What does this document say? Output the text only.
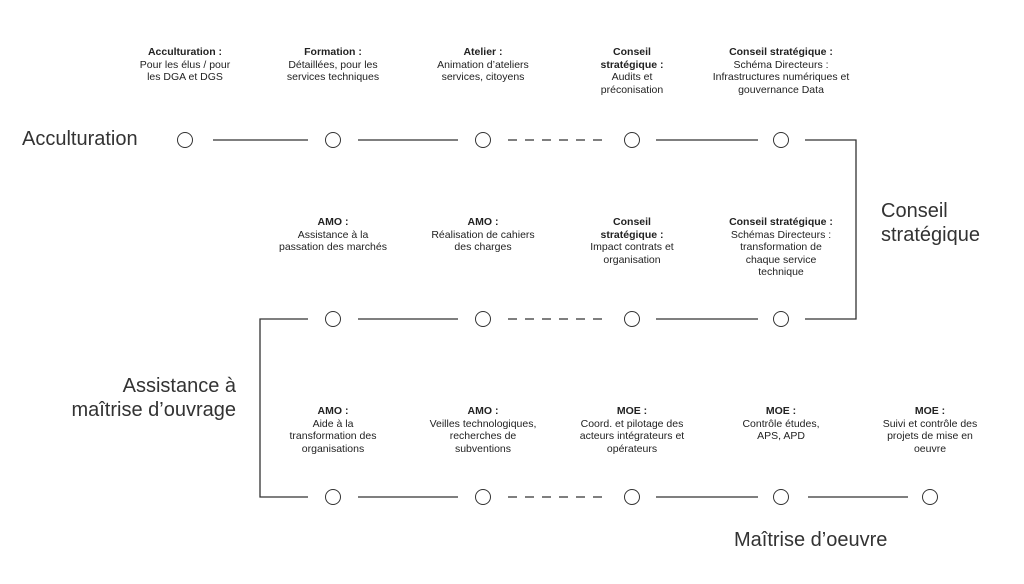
Acculturation
Conseil
stratégique
Assistance à
maîtrise d’ouvrage
Maîtrise d’oeuvre
Acculturation :
Pour les élus / pour
les DGA et DGS
Formation :
Détaillées, pour les
services techniques
Atelier :
Animation d’ateliers
services, citoyens
Conseil
stratégique :
Audits et
préconisation
Conseil stratégique :
Schéma Directeurs :
Infrastructures numériques et
gouvernance Data
AMO :
Assistance à la
passation des marchés
AMO :
Réalisation de cahiers
des charges
Conseil
stratégique :
Impact contrats et
organisation
Conseil stratégique :
Schémas Directeurs :
transformation de
chaque service
technique
AMO :
Aide à la
transformation des
organisations
AMO :
Veilles technologiques,
recherches de
subventions
MOE :
Coord. et pilotage des
acteurs intégrateurs et
opérateurs
MOE :
Contrôle études,
APS, APD
MOE :
Suivi et contrôle des
projets de mise en
oeuvre
